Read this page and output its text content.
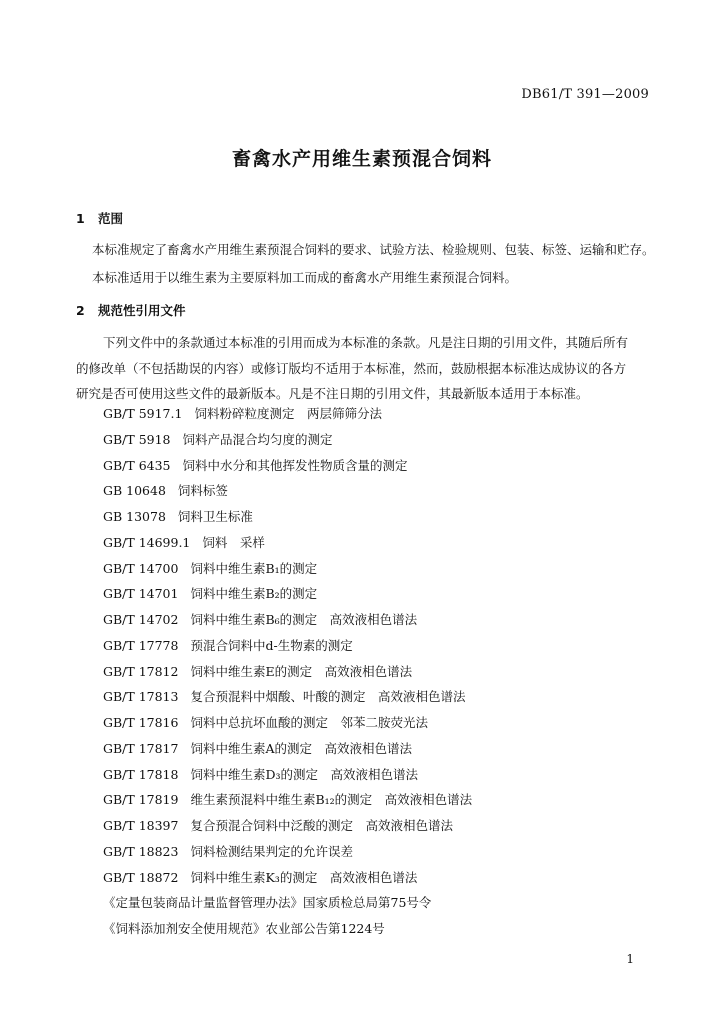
DB61/T 391—2009
畜禽水产用维生素预混合饲料
1 范围
本标准规定了畜禽水产用维生素预混合饲料的要求、试验方法、检验规则、包装、标签、运输和贮存。
本标准适用于以维生素为主要原料加工而成的畜禽水产用维生素预混合饲料。
2 规范性引用文件
下列文件中的条款通过本标准的引用而成为本标准的条款。凡是注日期的引用文件，其随后所有
的修改单（不包括勘误的内容）或修订版均不适用于本标准，然而，鼓励根据本标准达成协议的各方
研究是否可使用这些文件的最新版本。凡是不注日期的引用文件，其最新版本适用于本标准。
GB/T 5917.1 饲料粉碎粒度测定　两层筛筛分法
GB/T 5918 饲料产品混合均匀度的测定
GB/T 6435 饲料中水分和其他挥发性物质含量的测定
GB 10648 饲料标签
GB 13078 饲料卫生标准
GB/T 14699.1 饲料　采样
GB/T 14700 饲料中维生素B₁的测定
GB/T 14701 饲料中维生素B₂的测定
GB/T 14702 饲料中维生素B₆的测定　高效液相色谱法
GB/T 17778 预混合饲料中d-生物素的测定
GB/T 17812 饲料中维生素E的测定　高效液相色谱法
GB/T 17813 复合预混料中烟酸、叶酸的测定　高效液相色谱法
GB/T 17816 饲料中总抗坏血酸的测定　邻苯二胺荧光法
GB/T 17817 饲料中维生素A的测定　高效液相色谱法
GB/T 17818 饲料中维生素D₃的测定　高效液相色谱法
GB/T 17819 维生素预混料中维生素B₁₂的测定　高效液相色谱法
GB/T 18397 复合预混合饲料中泛酸的测定　高效液相色谱法
GB/T 18823 饲料检测结果判定的允许误差
GB/T 18872 饲料中维生素K₃的测定　高效液相色谱法
《定量包装商品计量监督管理办法》国家质检总局第75号令
《饲料添加剂安全使用规范》农业部公告第1224号
1
